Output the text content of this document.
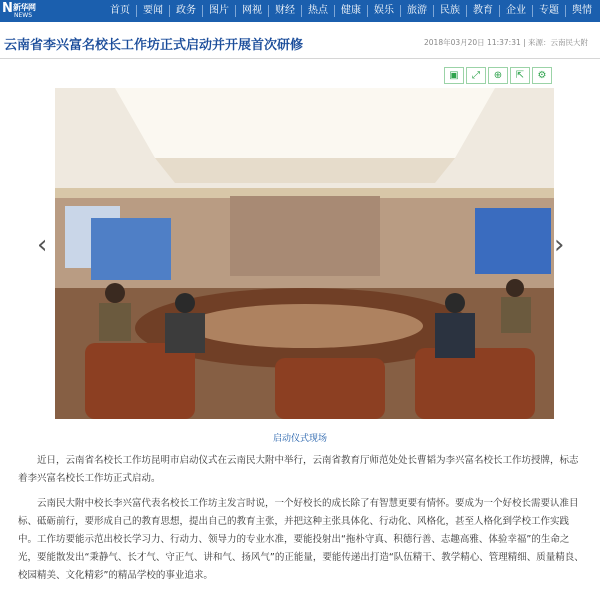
N 新华网
NEWS	首页	要闻	政务	图片	网视	财经	热点	健康	娱乐	旅游	民族	教育	企业	专题	舆情
云南省李兴富名校长工作坊正式启动并开展首次研修	2018年03月20日 11:37:31 | 来源：云南民大附
▣	⤢	⊕	⇱	⚙
‹	›
启动仪式现场

近日，云南省名校长工作坊昆明市启动仪式在云南民大附中举行，云南省教育厅师范处处长曹韬为李兴富名校长工作坊授牌，标志着李兴富名校长工作坊正式启动。

云南民大附中校长李兴富代表名校长工作坊主发言时说，一个好校长的成长除了有智慧更要有情怀。要成为一个好校长需要认准目标、砥砺前行，要形成自己的教育思想，提出自己的教育主张，并把这种主张具体化、行动化、风格化，甚至人格化到学校工作实践中。工作坊要能示范出校长学习力、行动力、领导力的专业水准，要能投射出“拖朴守真、积德行善、志趣高雅、体验幸福”的生命之光，要能散发出“秉静气、长才气、守正气、讲和气、扬风气”的正能量，要能传递出打造“队伍精干、教学精心、管理精细、质量精良、校园精美、文化精彩”的精品学校的事业追求。
